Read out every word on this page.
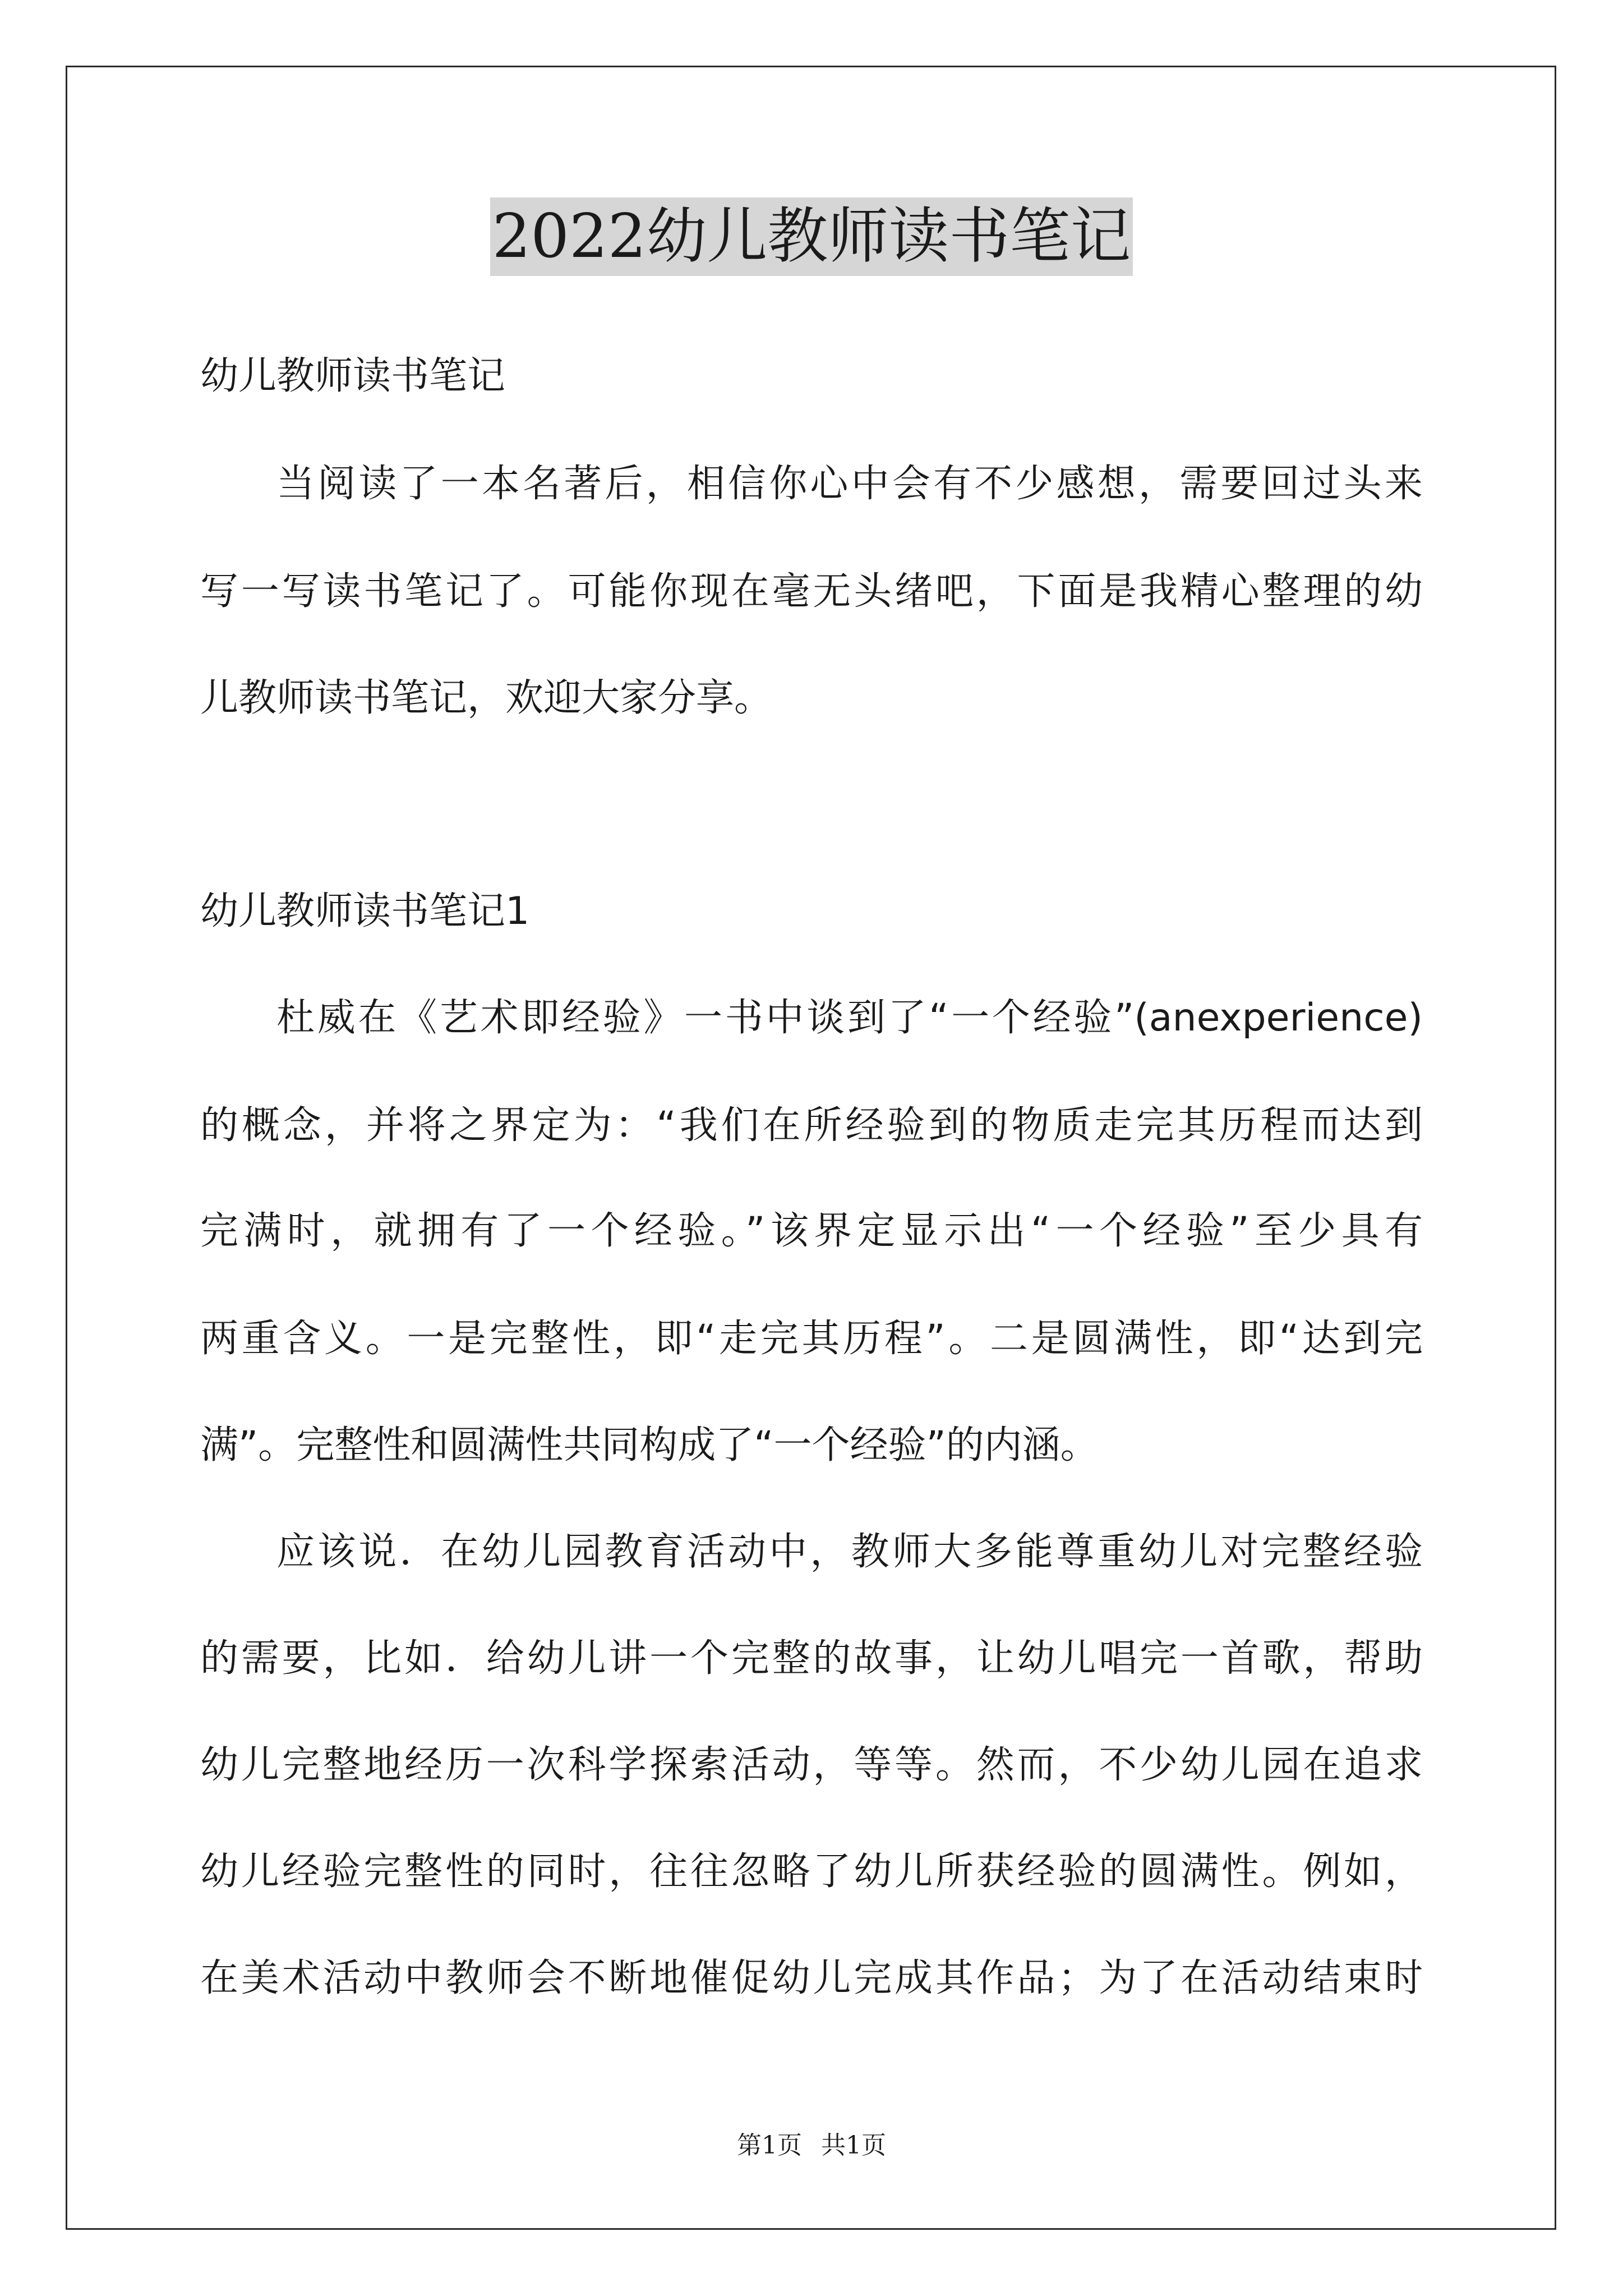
2022幼儿教师读书笔记
幼儿教师读书笔记
当阅读了一本名著后，相信你心中会有不少感想，需要回过头来
写一写读书笔记了。可能你现在毫无头绪吧，下面是我精心整理的幼
儿教师读书笔记，欢迎大家分享。
幼儿教师读书笔记1
杜威在《艺术即经验》一书中谈到了“一个经验”(anexperience)
的概念，并将之界定为：“我们在所经验到的物质走完其历程而达到
完满时，就拥有了一个经验。”该界定显示出“一个经验”至少具有
两重含义。一是完整性，即“走完其历程”。二是圆满性，即“达到完
满”。完整性和圆满性共同构成了“一个经验”的内涵。
应该说．在幼儿园教育活动中，教师大多能尊重幼儿对完整经验
的需要，比如．给幼儿讲一个完整的故事，让幼儿唱完一首歌，帮助
幼儿完整地经历一次科学探索活动，等等。然而，不少幼儿园在追求
幼儿经验完整性的同时，往往忽略了幼儿所获经验的圆满性。例如，
在美术活动中教师会不断地催促幼儿完成其作品；为了在活动结束时
第1页 共1页
